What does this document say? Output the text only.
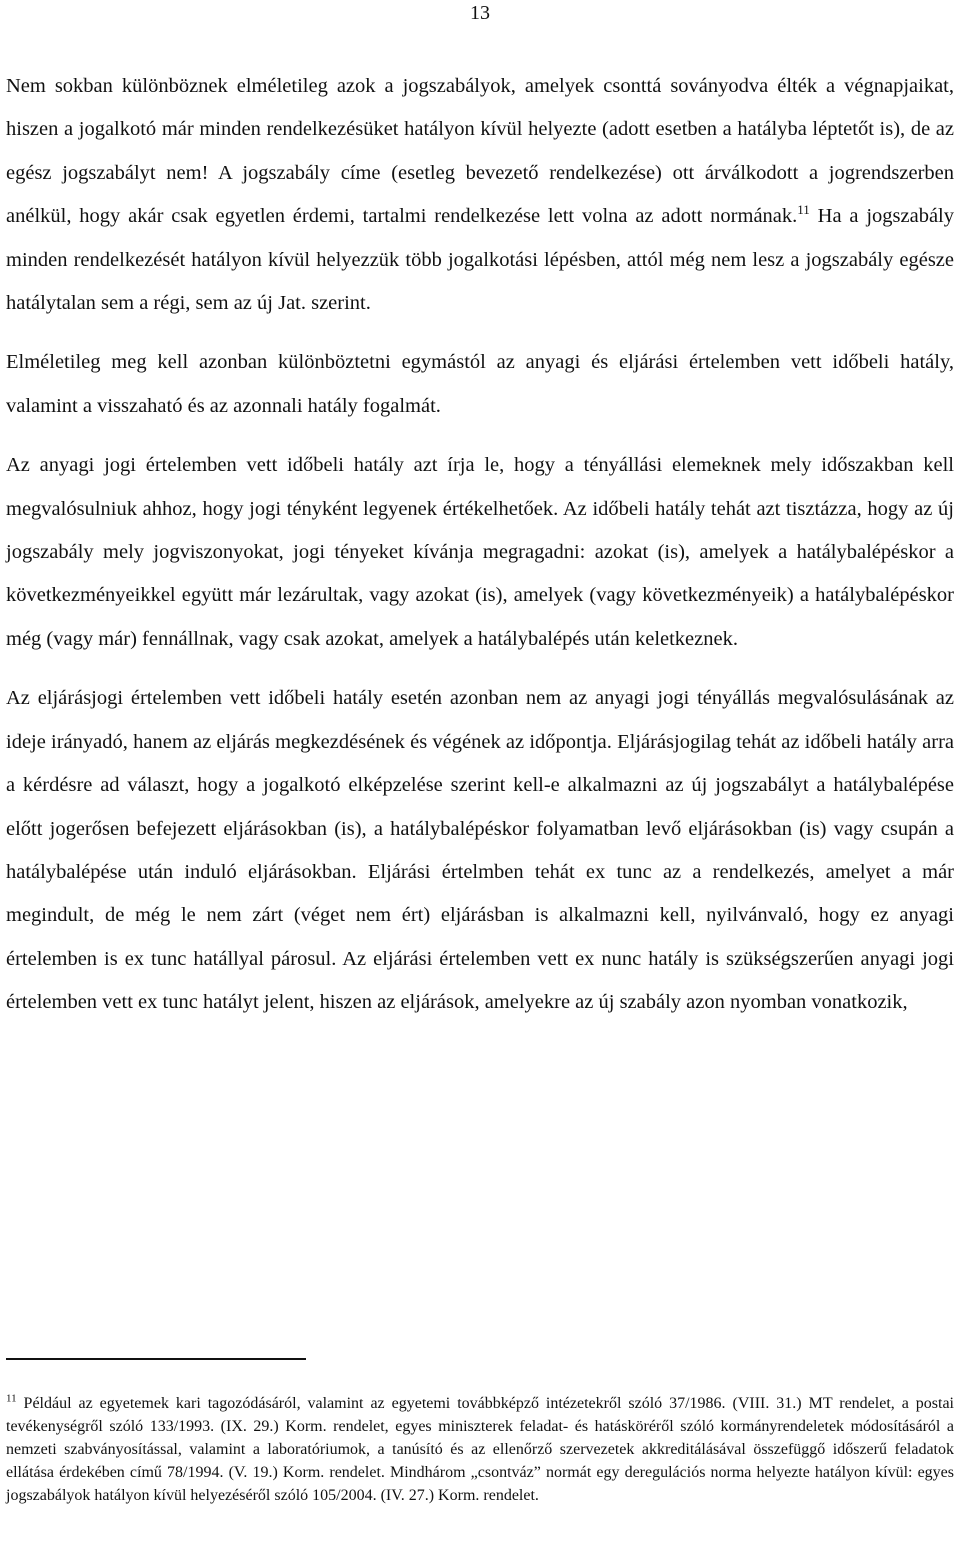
13

Nem sokban különböznek elméletileg azok a jogszabályok, amelyek csonttá soványodva élték a végnapjaikat, hiszen a jogalkotó már minden rendelkezésüket hatályon kívül helyezte (adott esetben a hatályba léptetőt is), de az egész jogszabályt nem! A jogszabály címe (esetleg bevezető rendelkezése) ott árválkodott a jogrendszerben anélkül, hogy akár csak egyetlen érdemi, tartalmi rendelkezése lett volna az adott normának.$^{11}$ Ha a jogszabály minden rendelkezését hatályon kívül helyezzük több jogalkotási lépésben, attól még nem lesz a jogszabály egésze hatálytalan sem a régi, sem az új Jat. szerint.

Elméletileg meg kell azonban különböztetni egymástól az anyagi és eljárási értelemben vett időbeli hatály, valamint a visszaható és az azonnali hatály fogalmát.

Az anyagi jogi értelemben vett időbeli hatály azt írja le, hogy a tényállási elemeknek mely időszakban kell megvalósulniuk ahhoz, hogy jogi tényként legyenek értékelhetőek. Az időbeli hatály tehát azt tisztázza, hogy az új jogszabály mely jogviszonyokat, jogi tényeket kívánja megragadni: azokat (is), amelyek a hatálybalépéskor a következményeikkel együtt már lezárultak, vagy azokat (is), amelyek (vagy következményeik) a hatálybalépéskor még (vagy már) fennállnak, vagy csak azokat, amelyek a hatálybalépés után keletkeznek.

Az eljárásjogi értelemben vett időbeli hatály esetén azonban nem az anyagi jogi tényállás megvalósulásának az ideje irányadó, hanem az eljárás megkezdésének és végének az időpontja. Eljárásjogilag tehát az időbeli hatály arra a kérdésre ad választ, hogy a jogalkotó elképzelése szerint kell-e alkalmazni az új jogszabályt a hatálybalépése előtt jogerősen befejezett eljárásokban (is), a hatálybalépéskor folyamatban levő eljárásokban (is) vagy csupán a hatálybalépése után induló eljárásokban. Eljárási értelmben tehát ex tunc az a rendelkezés, amelyet a már megindult, de még le nem zárt (véget nem ért) eljárásban is alkalmazni kell, nyilvánvaló, hogy ez anyagi értelemben is ex tunc hatállyal párosul. Az eljárási értelemben vett ex nunc hatály is szükségszerűen anyagi jogi értelemben vett ex tunc hatályt jelent, hiszen az eljárások, amelyekre az új szabály azon nyomban vonatkozik,

$^{11}$ Például az egyetemek kari tagozódásáról, valamint az egyetemi továbbképző intézetekről szóló 37/1986. (VIII. 31.) MT rendelet, a postai tevékenységről szóló 133/1993. (IX. 29.) Korm. rendelet, egyes miniszterek feladat- és hatásköréről szóló kormányrendeletek módosításáról a nemzeti szabványosítással, valamint a laboratóriumok, a tanúsító és az ellenőrző szervezetek akkreditálásával összefüggő időszerű feladatok ellátása érdekében című 78/1994. (V. 19.) Korm. rendelet. Mindhárom „csontváz” normát egy deregulációs norma helyezte hatályon kívül: egyes jogszabályok hatályon kívül helyezéséről szóló 105/2004. (IV. 27.) Korm. rendelet.
